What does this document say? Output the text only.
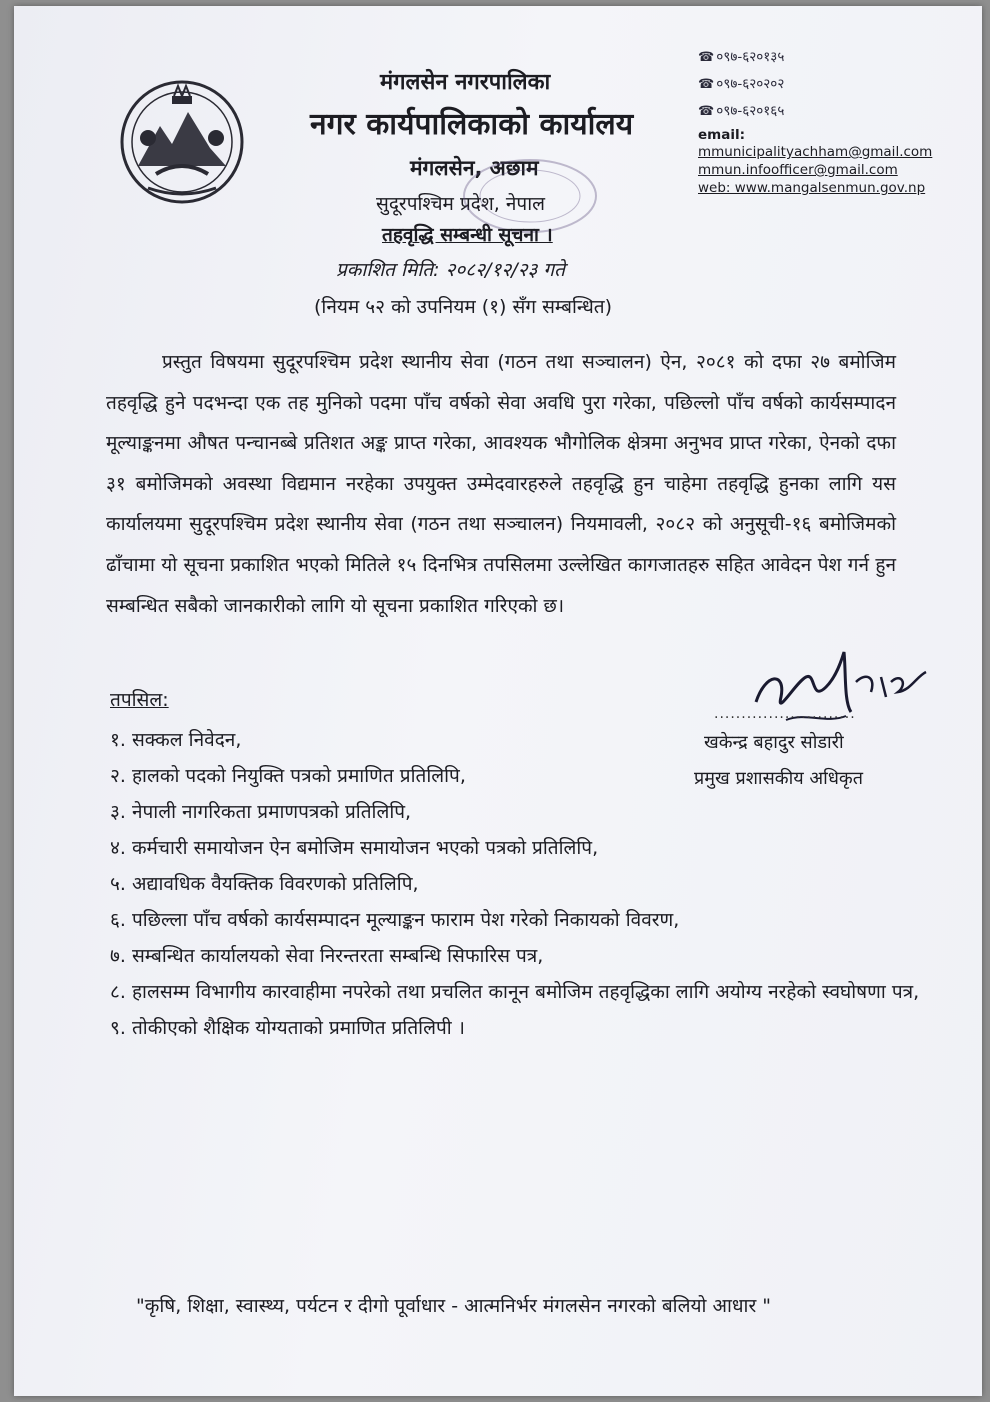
मंगलसेन नगरपालिका
नगर कार्यपालिकाको कार्यालय
मंगलसेन, अछाम
सुदूरपश्चिम प्रदेश, नेपाल
तहवृद्धि सम्बन्धी सूचना ।
☎ ०९७-६२०१३५
☎ ०९७-६२०२०२
☎ ०९७-६२०१६५
email:
mmunicipalityachham@gmail.com
mmun.infoofficer@gmail.com
web: www.mangalsenmun.gov.np
प्रकाशित मिति: २०८२/१२/२३ गते
(नियम ५२ को उपनियम (१) सँग सम्बन्धित)
प्रस्तुत विषयमा सुदूरपश्चिम प्रदेश स्थानीय सेवा (गठन तथा सञ्चालन) ऐन, २०८१ को दफा २७ बमोजिम तहवृद्धि हुने पदभन्दा एक तह मुनिको पदमा पाँच वर्षको सेवा अवधि पुरा गरेका, पछिल्लो पाँच वर्षको कार्यसम्पादन मूल्याङ्कनमा औषत पन्चानब्बे प्रतिशत अङ्क प्राप्त गरेका, आवश्यक भौगोलिक क्षेत्रमा अनुभव प्राप्त गरेका, ऐनको दफा ३१ बमोजिमको अवस्था विद्यमान नरहेका उपयुक्त उम्मेदवारहरुले तहवृद्धि हुन चाहेमा तहवृद्धि हुनका लागि यस कार्यालयमा सुदूरपश्चिम प्रदेश स्थानीय सेवा (गठन तथा सञ्चालन) नियमावली, २०८२ को अनुसूची-१६ बमोजिमको ढाँचामा यो सूचना प्रकाशित भएको मितिले १५ दिनभित्र तपसिलमा उल्लेखित कागजातहरु सहित आवेदन पेश गर्न हुन सम्बन्धित सबैको जानकारीको लागि यो सूचना प्रकाशित गरिएको छ।
तपसिल:
..........................
खकेन्द्र बहादुर सोडारी
प्रमुख प्रशासकीय अधिकृत
१. सक्कल निवेदन,
२. हालको पदको नियुक्ति पत्रको प्रमाणित प्रतिलिपि,
३. नेपाली नागरिकता प्रमाणपत्रको प्रतिलिपि,
४. कर्मचारी समायोजन ऐन बमोजिम समायोजन भएको पत्रको प्रतिलिपि,
५. अद्यावधिक वैयक्तिक विवरणको प्रतिलिपि,
६. पछिल्ला पाँच वर्षको कार्यसम्पादन मूल्याङ्कन फाराम पेश गरेको निकायको विवरण,
७. सम्बन्धित कार्यालयको सेवा निरन्तरता सम्बन्धि सिफारिस पत्र,
८. हालसम्म विभागीय कारवाहीमा नपरेको तथा प्रचलित कानून बमोजिम तहवृद्धिका लागि अयोग्य नरहेको स्वघोषणा पत्र,
९. तोकीएको शैक्षिक योग्यताको प्रमाणित प्रतिलिपी ।
"कृषि, शिक्षा, स्वास्थ्य, पर्यटन र दीगो पूर्वाधार - आत्मनिर्भर मंगलसेन नगरको बलियो आधार "
